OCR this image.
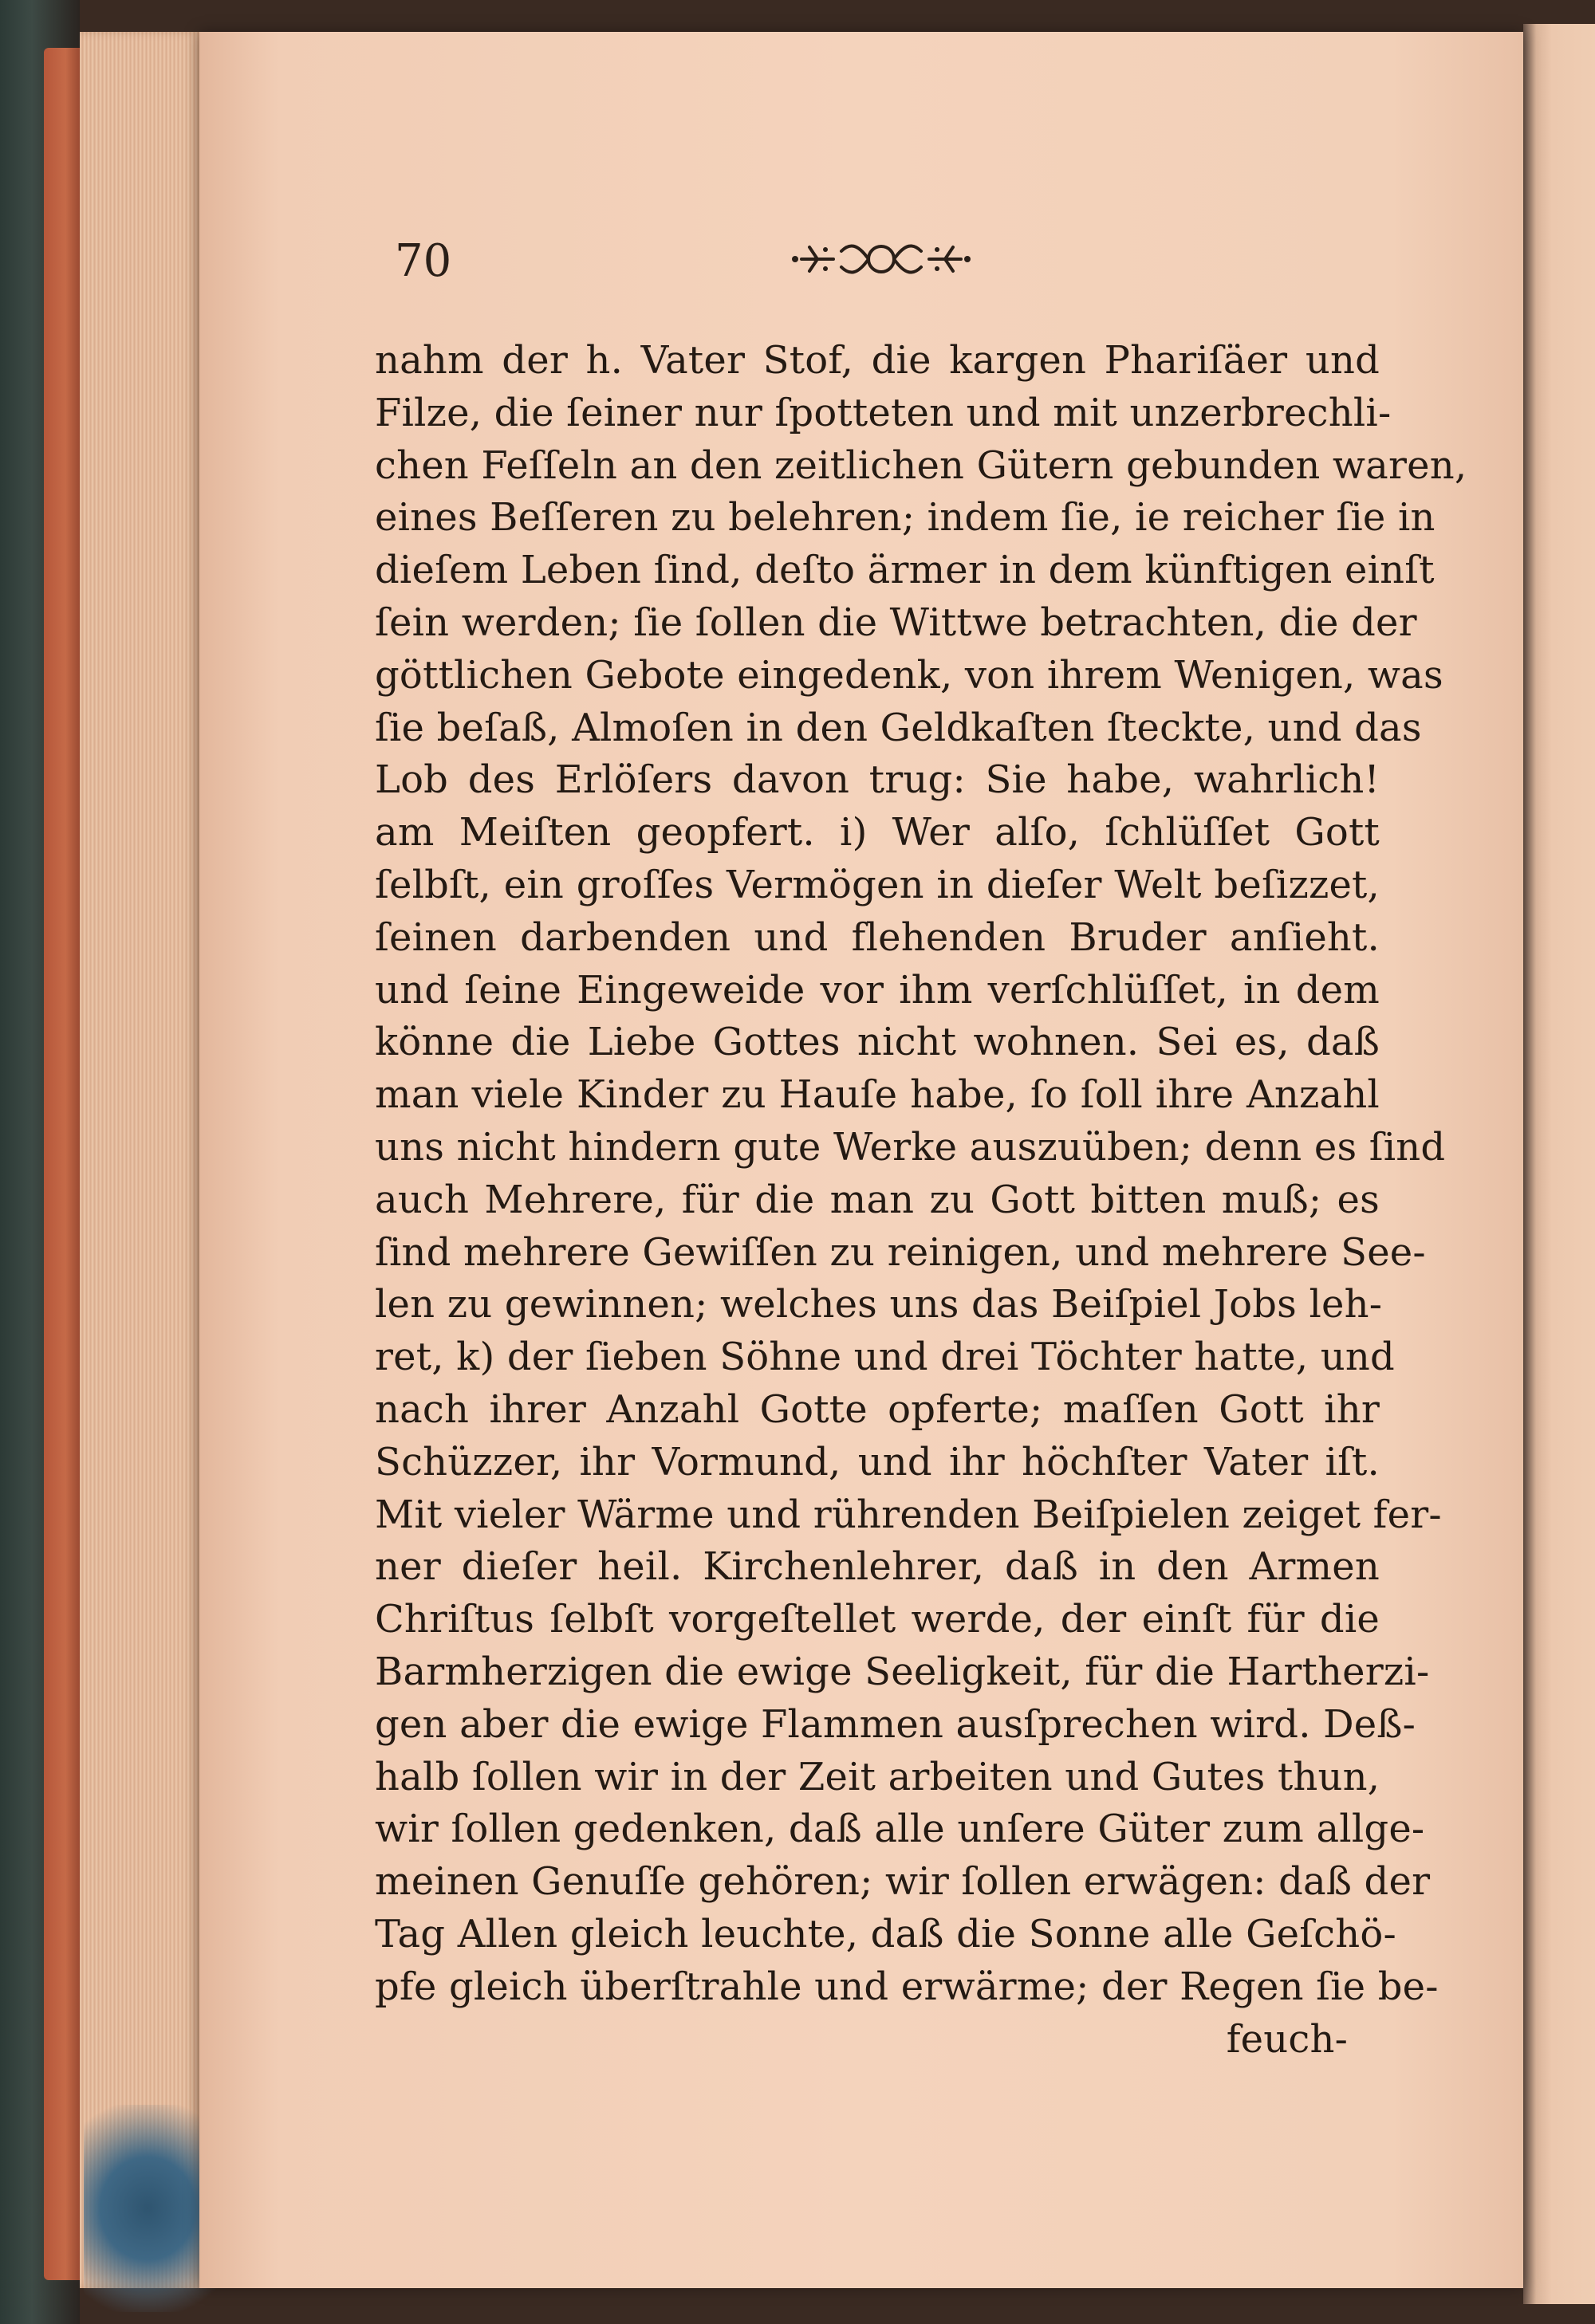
70
nahm der h. Vater Stof, die kargen Phariſäer und
Filze, die ſeiner nur ſpotteten und mit unzerbrechli-
chen Feſſeln an den zeitlichen Gütern gebunden waren,
eines Beſſeren zu belehren; indem ſie, ie reicher ſie in
dieſem Leben ſind, deſto ärmer in dem künftigen einſt
ſein werden; ſie ſollen die Wittwe betrachten, die der
göttlichen Gebote eingedenk, von ihrem Wenigen, was
ſie beſaß, Almoſen in den Geldkaſten ſteckte, und das
Lob des Erlöſers davon trug: Sie habe, wahrlich!
am Meiſten geopfert. i) Wer alſo, ſchlüſſet Gott
ſelbſt, ein groſſes Vermögen in dieſer Welt beſizzet,
ſeinen darbenden und flehenden Bruder anſieht.
und ſeine Eingeweide vor ihm verſchlüſſet, in dem
könne die Liebe Gottes nicht wohnen. Sei es, daß
man viele Kinder zu Hauſe habe, ſo ſoll ihre Anzahl
uns nicht hindern gute Werke auszuüben; denn es ſind
auch Mehrere, für die man zu Gott bitten muß; es
ſind mehrere Gewiſſen zu reinigen, und mehrere See-
len zu gewinnen; welches uns das Beiſpiel Jobs leh-
ret, k) der ſieben Söhne und drei Töchter hatte, und
nach ihrer Anzahl Gotte opferte; maſſen Gott ihr
Schüzzer, ihr Vormund, und ihr höchſter Vater iſt.
Mit vieler Wärme und rührenden Beiſpielen zeiget fer-
ner dieſer heil. Kirchenlehrer, daß in den Armen
Chriſtus ſelbſt vorgeſtellet werde, der einſt für die
Barmherzigen die ewige Seeligkeit, für die Hartherzi-
gen aber die ewige Flammen ausſprechen wird. Deß-
halb ſollen wir in der Zeit arbeiten und Gutes thun,
wir ſollen gedenken, daß alle unſere Güter zum allge-
meinen Genuſſe gehören; wir ſollen erwägen: daß der
Tag Allen gleich leuchte, daß die Sonne alle Geſchö-
pfe gleich überſtrahle und erwärme; der Regen ſie be-
feuch-
